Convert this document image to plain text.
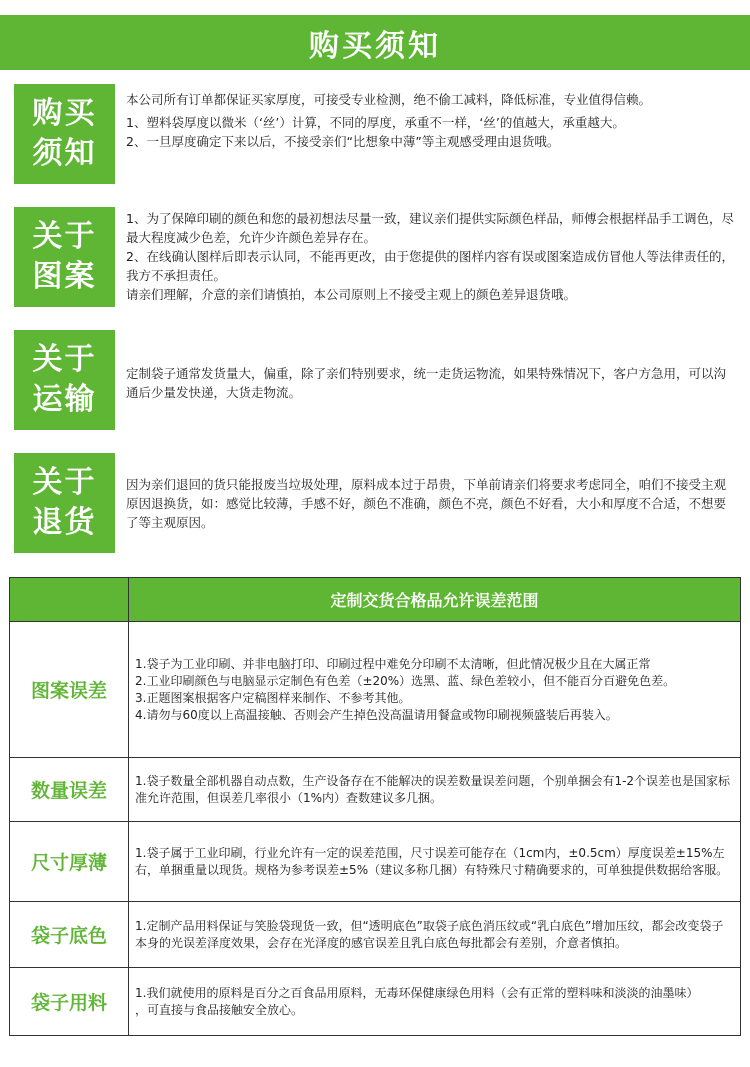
购买须知
购买
须知

本公司所有订单都保证买家厚度，可接受专业检测，绝不偷工减料，降低标准，专业值得信赖。

1、塑料袋厚度以微米（‘丝’）计算，不同的厚度，承重不一样，‘丝’的值越大，承重越大。

2、一旦厚度确定下来以后，不接受亲们“比想象中薄”等主观感受理由退货哦。

关于
图案

1、为了保障印刷的颜色和您的最初想法尽量一致，建议亲们提供实际颜色样品，师傅会根据样品手工调色，尽最大程度减少色差，允许少许颜色差异存在。

2、在线确认图样后即表示认同，不能再更改，由于您提供的图样内容有误或图案造成仿冒他人等法律责任的，我方不承担责任。

请亲们理解，介意的亲们请慎拍，本公司原则上不接受主观上的颜色差异退货哦。

关于
运输

定制袋子通常发货量大，偏重，除了亲们特别要求，统一走货运物流，如果特殊情况下，客户方急用，可以沟通后少量发快递，大货走物流。

关于
退货

因为亲们退回的货只能报废当垃圾处理，原料成本过于昂贵，下单前请亲们将要求考虑同全，咱们不接受主观原因退换货，如：感觉比较薄，手感不好，颜色不准确，颜色不亮，颜色不好看，大小和厚度不合适，不想要了等主观原因。

	定制交货合格品允许误差范围
图案误差	1.袋子为工业印刷、并非电脑打印、印刷过程中难免分印刷不太清晰，但此情况极少且在大属正常

2.工业印刷颜色与电脑显示定制色有色差（±20%）选黑、蓝、绿色差较小，但不能百分百避免色差。

3.正题图案根据客户定稿图样来制作、不参考其他。

4.请勿与60度以上高温接触、否则会产生掉色没高温请用餐盒或物印刷视频盛装后再装入。

数量误差	1.袋子数量全部机器自动点数，生产设备存在不能解决的误差数量误差问题，个别单捆会有1-2个误差也是国家标准允许范围，但误差几率很小（1%内）查数建议多几捆。

尺寸厚薄	1.袋子属于工业印刷，行业允许有一定的误差范围，尺寸误差可能存在（1cm内，±0.5cm）厚度误差±15%左右，单捆重量以现货。规格为参考误差±5%（建议多称几捆）有特殊尺寸精确要求的，可单独提供数据给客服。

袋子底色	1.定制产品用料保证与笑脸袋现货一致，但“透明底色”取袋子底色消压纹或“乳白底色”增加压纹，都会改变袋子本身的光误差泽度效果，会存在光泽度的感官误差且乳白底色每批都会有差别，介意者慎拍。

袋子用料	1.我们就使用的原料是百分之百食品用原料，无毒环保健康绿色用料（会有正常的塑料味和淡淡的油墨味）

，可直接与食品接触安全放心。
